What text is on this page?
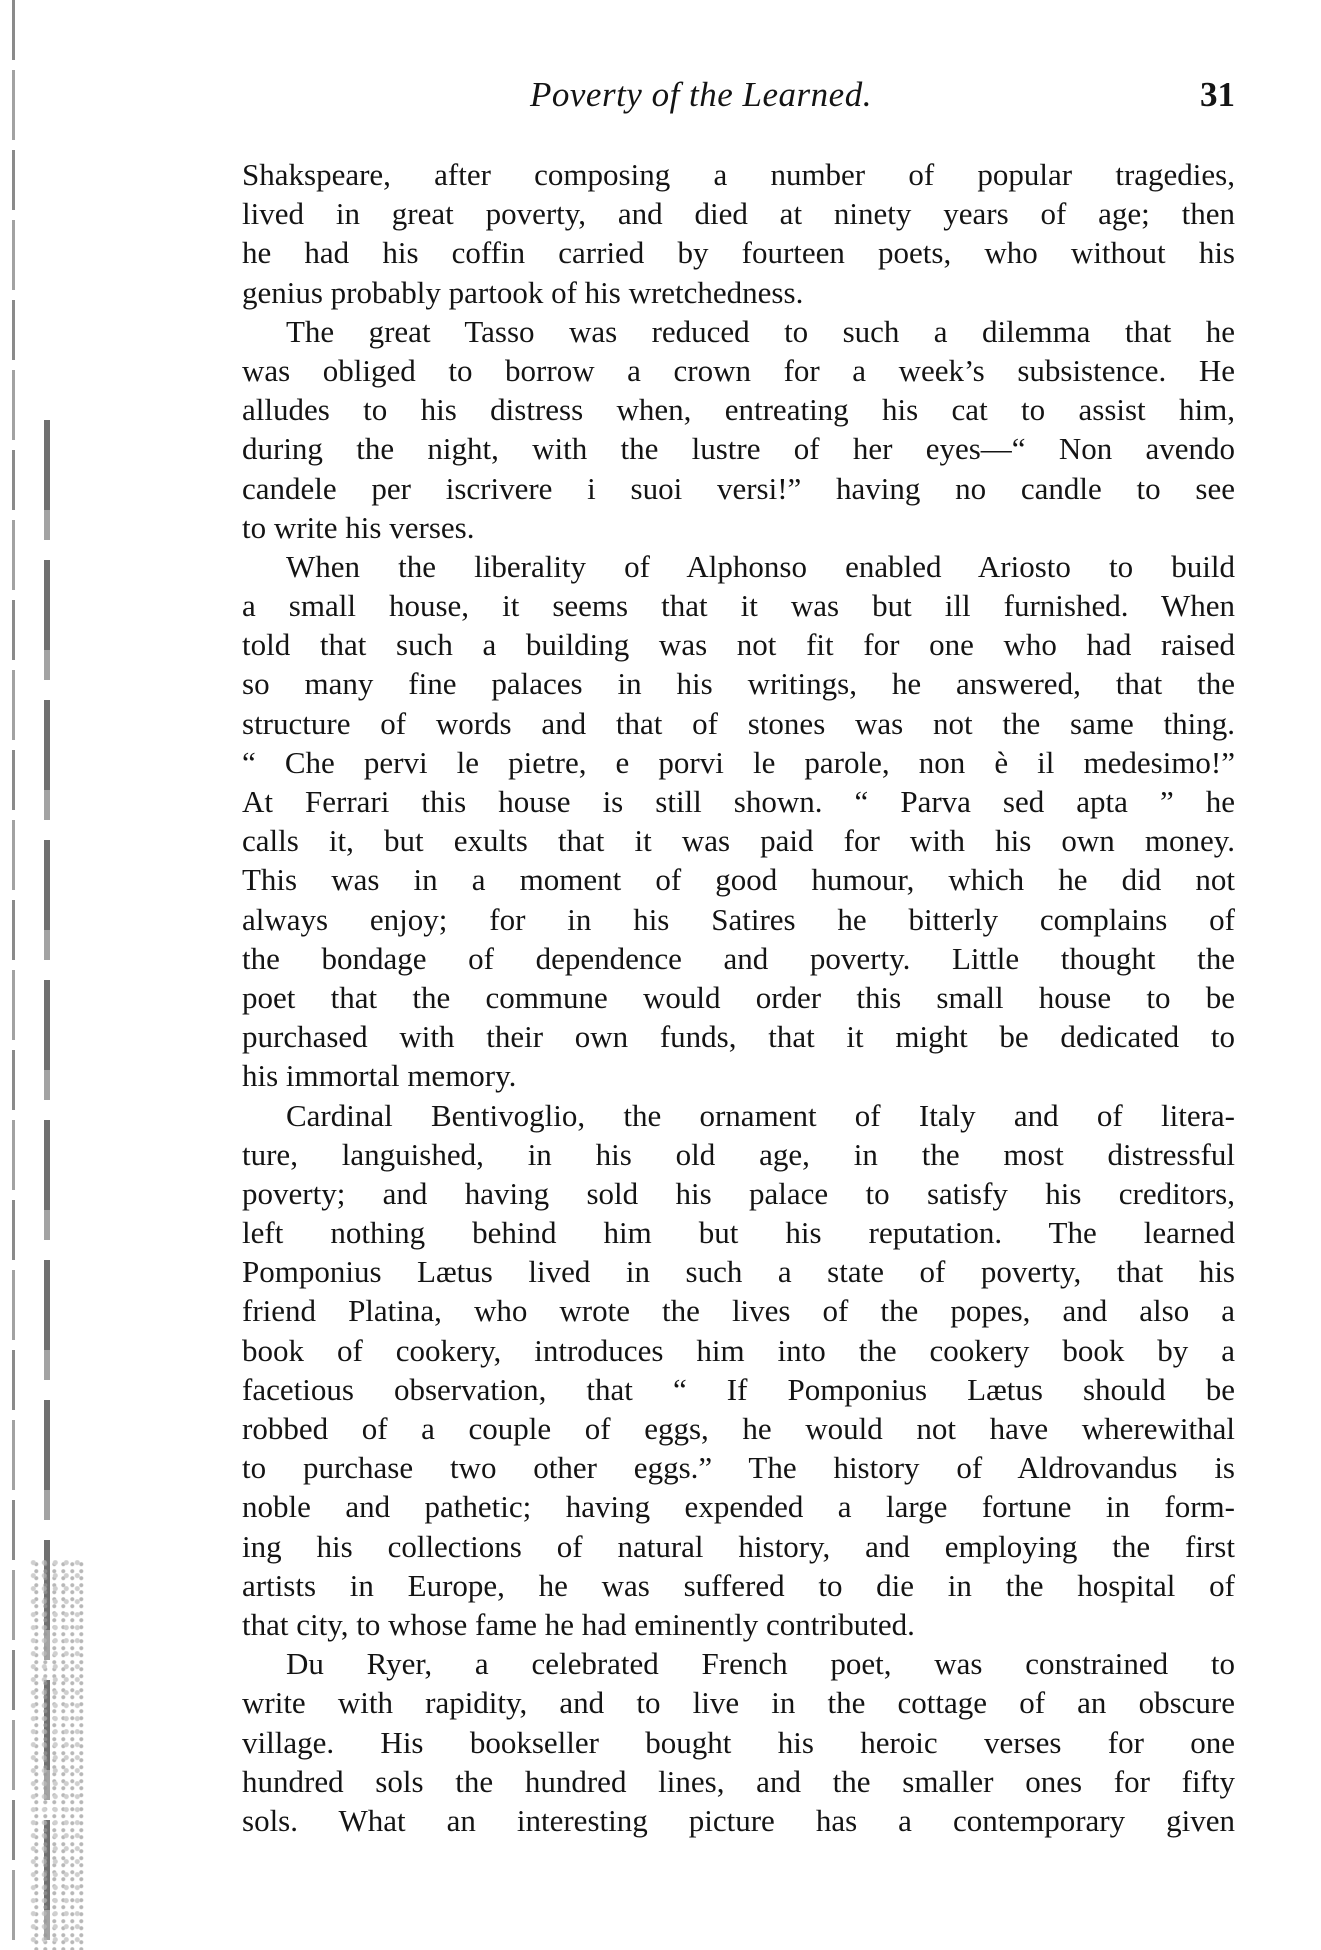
Poverty of the Learned.	31
Shakspeare, after composing a number of popular tragedies,
lived in great poverty, and died at ninety years of age; then
he had his coffin carried by fourteen poets, who without his
genius probably partook of his wretchedness.
The great Tasso was reduced to such a dilemma that he
was obliged to borrow a crown for a week’s subsistence. He
alludes to his distress when, entreating his cat to assist him,
during the night, with the lustre of her eyes—“ Non avendo
candele per iscrivere i suoi versi!” having no candle to see
to write his verses.
When the liberality of Alphonso enabled Ariosto to build
a small house, it seems that it was but ill furnished. When
told that such a building was not fit for one who had raised
so many fine palaces in his writings, he answered, that the
structure of words and that of stones was not the same thing.
“ Che pervi le pietre, e porvi le parole, non è il medesimo!”
At Ferrari this house is still shown. “ Parva sed apta ” he
calls it, but exults that it was paid for with his own money.
This was in a moment of good humour, which he did not
always enjoy; for in his Satires he bitterly complains of
the bondage of dependence and poverty. Little thought the
poet that the commune would order this small house to be
purchased with their own funds, that it might be dedicated to
his immortal memory.
Cardinal Bentivoglio, the ornament of Italy and of litera-
ture, languished, in his old age, in the most distressful
poverty; and having sold his palace to satisfy his creditors,
left nothing behind him but his reputation. The learned
Pomponius Lætus lived in such a state of poverty, that his
friend Platina, who wrote the lives of the popes, and also a
book of cookery, introduces him into the cookery book by a
facetious observation, that “ If Pomponius Lætus should be
robbed of a couple of eggs, he would not have wherewithal
to purchase two other eggs.” The history of Aldrovandus is
noble and pathetic; having expended a large fortune in form-
ing his collections of natural history, and employing the first
artists in Europe, he was suffered to die in the hospital of
that city, to whose fame he had eminently contributed.
Du Ryer, a celebrated French poet, was constrained to
write with rapidity, and to live in the cottage of an obscure
village. His bookseller bought his heroic verses for one
hundred sols the hundred lines, and the smaller ones for fifty
sols. What an interesting picture has a contemporary given
